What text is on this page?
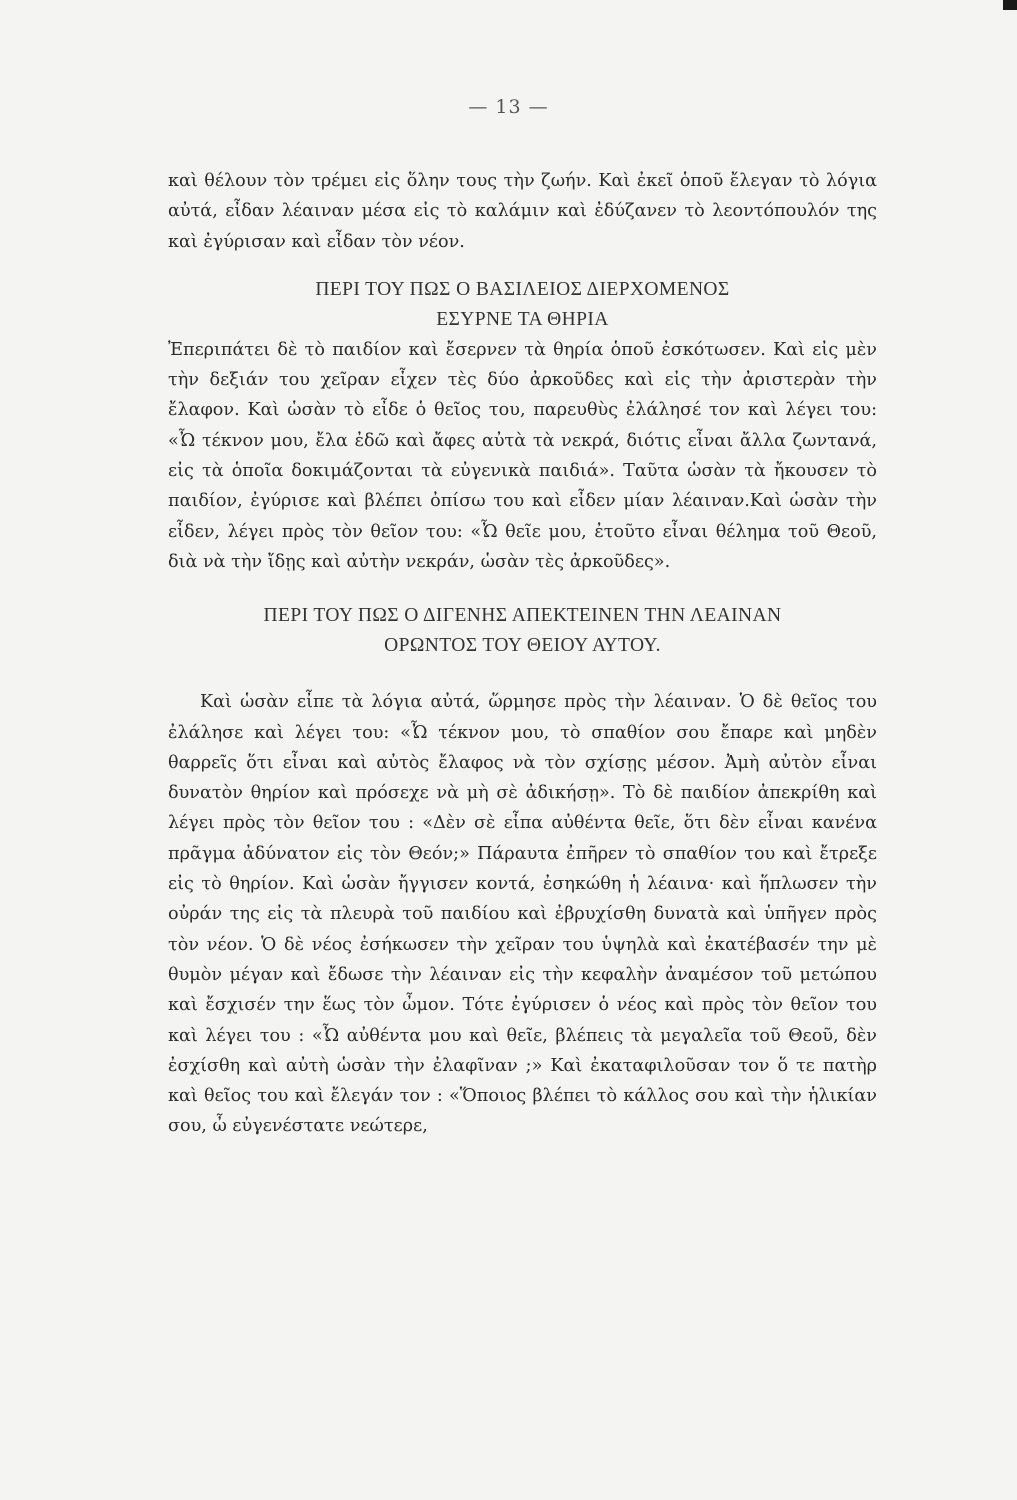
— 13 —

καὶ θέλουν τὸν τρέμει εἰς ὅλην τους τὴν ζωήν. Καὶ ἐκεῖ ὁποῦ ἔλεγαν τὸ λόγια αὐτά, εἶδαν λέαιναν μέσα εἰς τὸ καλάμιν καὶ ἐδύζανεν τὸ λεοντόπουλόν της καὶ ἐγύρισαν καὶ εἶδαν τὸν νέον.

ΠΕΡΙ ΤΟΥ ΠΩΣ Ο ΒΑΣΙΛΕΙΟΣ ΔΙΕΡΧΟΜΕΝΟΣ

ΕΣΥΡΝΕ ΤΑ ΘΗΡΙΑ

Ἐπεριπάτει δὲ τὸ παιδίον καὶ ἔσερνεν τὰ θηρία ὁποῦ ἐσκότωσεν. Καὶ εἰς μὲν τὴν δεξιάν του χεῖραν εἶχεν τὲς δύο ἀρκοῦδες καὶ εἰς τὴν ἀριστερὰν τὴν ἔλαφον. Καὶ ὡσὰν τὸ εἶδε ὁ θεῖος του, παρευθὺς ἐλάλησέ τον καὶ λέγει του: «Ὦ τέκνον μου, ἔλα ἐδῶ καὶ ἄφες αὐτὰ τὰ νεκρά, διότις εἶναι ἄλλα ζωντανά, εἰς τὰ ὁποῖα δοκιμάζονται τὰ εὐγενικὰ παιδιά». Ταῦτα ὡσὰν τὰ ἤκουσεν τὸ παιδίον, ἐγύρισε καὶ βλέπει ὀπίσω του καὶ εἶδεν μίαν λέαιναν.Καὶ ὡσὰν τὴν εἶδεν, λέγει πρὸς τὸν θεῖον του: «Ὦ θεῖε μου, ἐτοῦτο εἶναι θέλημα τοῦ Θεοῦ, διὰ νὰ τὴν ἴδῃς καὶ αὐτὴν νεκράν, ὡσὰν τὲς ἀρκοῦδες».

ΠΕΡΙ ΤΟΥ ΠΩΣ Ο ΔΙΓΕΝΗΣ ΑΠΕΚΤΕΙΝΕΝ ΤΗΝ ΛΕΑΙΝΑΝ

ΟΡΩΝΤΟΣ ΤΟΥ ΘΕΙΟΥ ΑΥΤΟΥ.

Καὶ ὡσὰν εἶπε τὰ λόγια αὐτά, ὥρμησε πρὸς τὴν λέαιναν. Ὁ δὲ θεῖος του ἐλάλησε καὶ λέγει του: «Ὦ τέκνον μου, τὸ σπαθίον σου ἔπαρε καὶ μηδὲν θαρρεῖς ὅτι εἶναι καὶ αὐτὸς ἔλαφος νὰ τὸν σχίσῃς μέσον. Ἀμὴ αὐτὸν εἶναι δυνατὸν θηρίον καὶ πρόσεχε νὰ μὴ σὲ ἀδικήσῃ». Τὸ δὲ παιδίον ἀπεκρίθη καὶ λέγει πρὸς τὸν θεῖον του : «Δὲν σὲ εἶπα αὐθέντα θεῖε, ὅτι δὲν εἶναι κανένα πρᾶγμα ἀδύνατον εἰς τὸν Θεόν;» Πάραυτα ἐπῆρεν τὸ σπαθίον του καὶ ἔτρεξε εἰς τὸ θηρίον. Καὶ ὡσὰν ἤγγισεν κοντά, ἐσηκώθη ἡ λέαινα· καὶ ἥπλωσεν τὴν οὐράν της εἰς τὰ πλευρὰ τοῦ παιδίου καὶ ἐβρυχίσθη δυνατὰ καὶ ὑπῆγεν πρὸς τὸν νέον. Ὁ δὲ νέος ἐσήκωσεν τὴν χεῖραν του ὑψηλὰ καὶ ἐκατέβασέν την μὲ θυμὸν μέγαν καὶ ἔδωσε τὴν λέαιναν εἰς τὴν κεφαλὴν ἀναμέσον τοῦ μετώπου καὶ ἔσχισέν την ἕως τὸν ὦμον. Τότε ἐγύρισεν ὁ νέος καὶ πρὸς τὸν θεῖον του καὶ λέγει του : «Ὦ αὐθέντα μου καὶ θεῖε, βλέπεις τὰ μεγαλεῖα τοῦ Θεοῦ, δὲν ἐσχίσθη καὶ αὐτὴ ὡσὰν τὴν ἐλαφῖναν ;» Καὶ ἐκαταφιλοῦσαν τον ὅ τε πατὴρ καὶ θεῖος του καὶ ἔλεγάν τον : «Ὅποιος βλέπει τὸ κάλλος σου καὶ τὴν ἡλικίαν σου, ὦ εὐγενέστατε νεώτερε,
